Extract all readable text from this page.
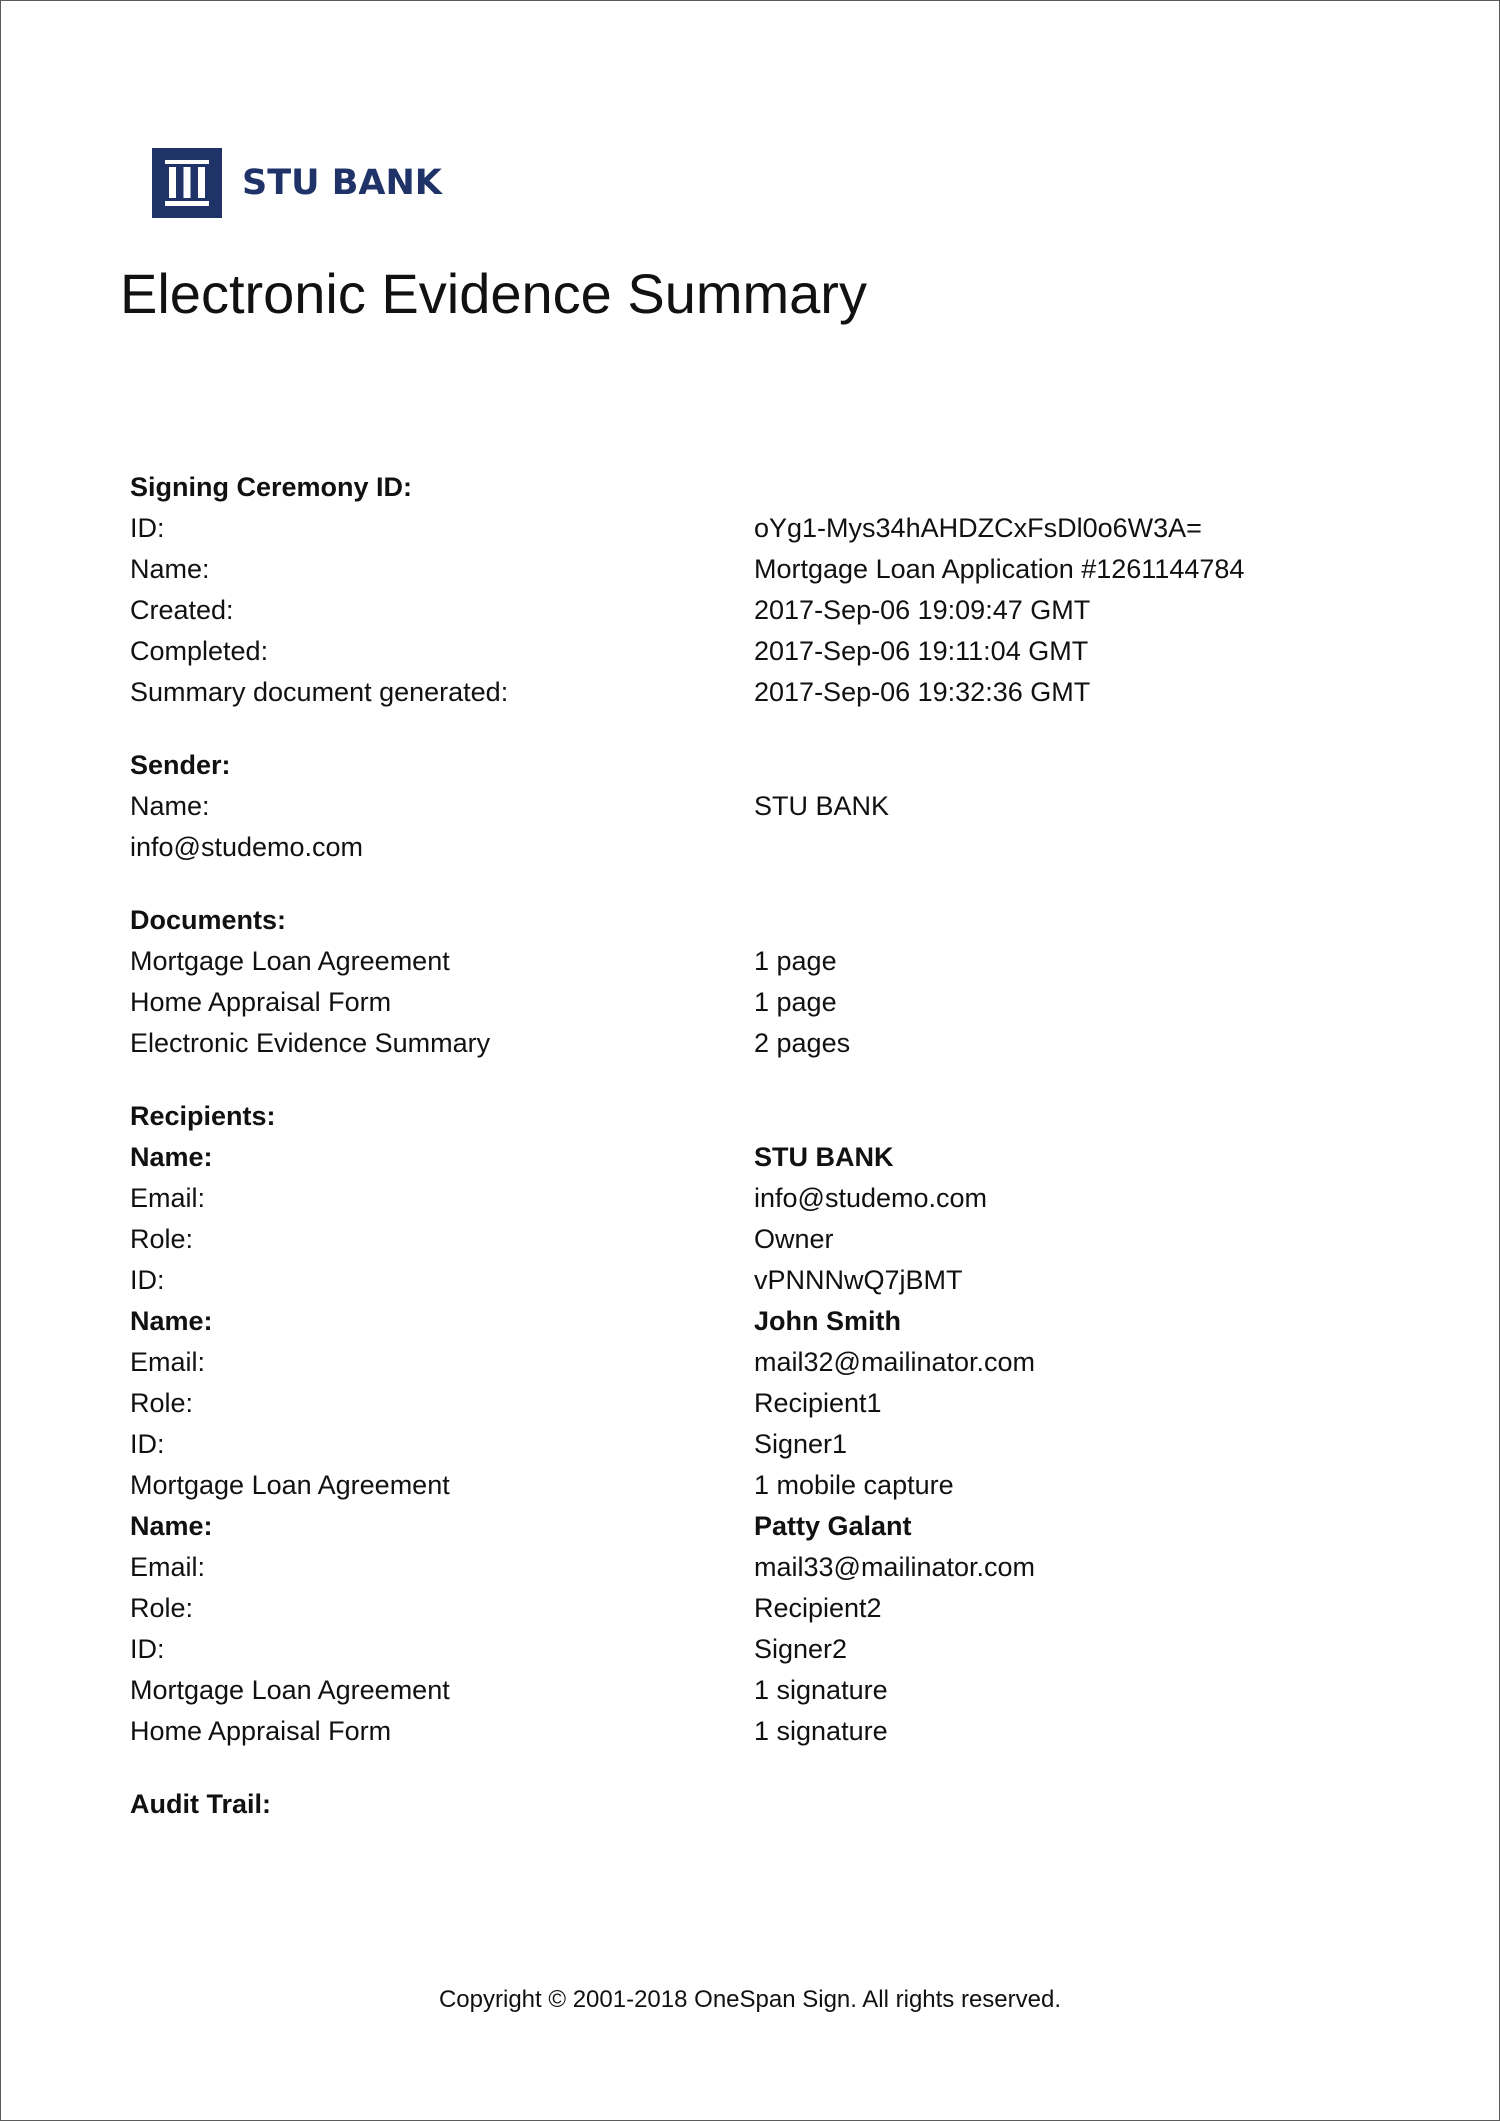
STU BANK
Electronic Evidence Summary
Signing Ceremony ID:
ID:	oYg1-Mys34hAHDZCxFsDl0o6W3A=
Name:	Mortgage Loan Application #1261144784
Created:	2017-Sep-06 19:09:47 GMT
Completed:	2017-Sep-06 19:11:04 GMT
Summary document generated:	2017-Sep-06 19:32:36 GMT
Sender:
Name:	STU BANK
info@studemo.com
Documents:
Mortgage Loan Agreement	1 page
Home Appraisal Form	1 page
Electronic Evidence Summary	2 pages
Recipients:
Name:	STU BANK
Email:	info@studemo.com
Role:	Owner
ID:	vPNNNwQ7jBMT
Name:	John Smith
Email:	mail32@mailinator.com
Role:	Recipient1
ID:	Signer1
Mortgage Loan Agreement	1 mobile capture
Name:	Patty Galant
Email:	mail33@mailinator.com
Role:	Recipient2
ID:	Signer2
Mortgage Loan Agreement	1 signature
Home Appraisal Form	1 signature
Audit Trail:
Copyright © 2001-2018 OneSpan Sign. All rights reserved.
